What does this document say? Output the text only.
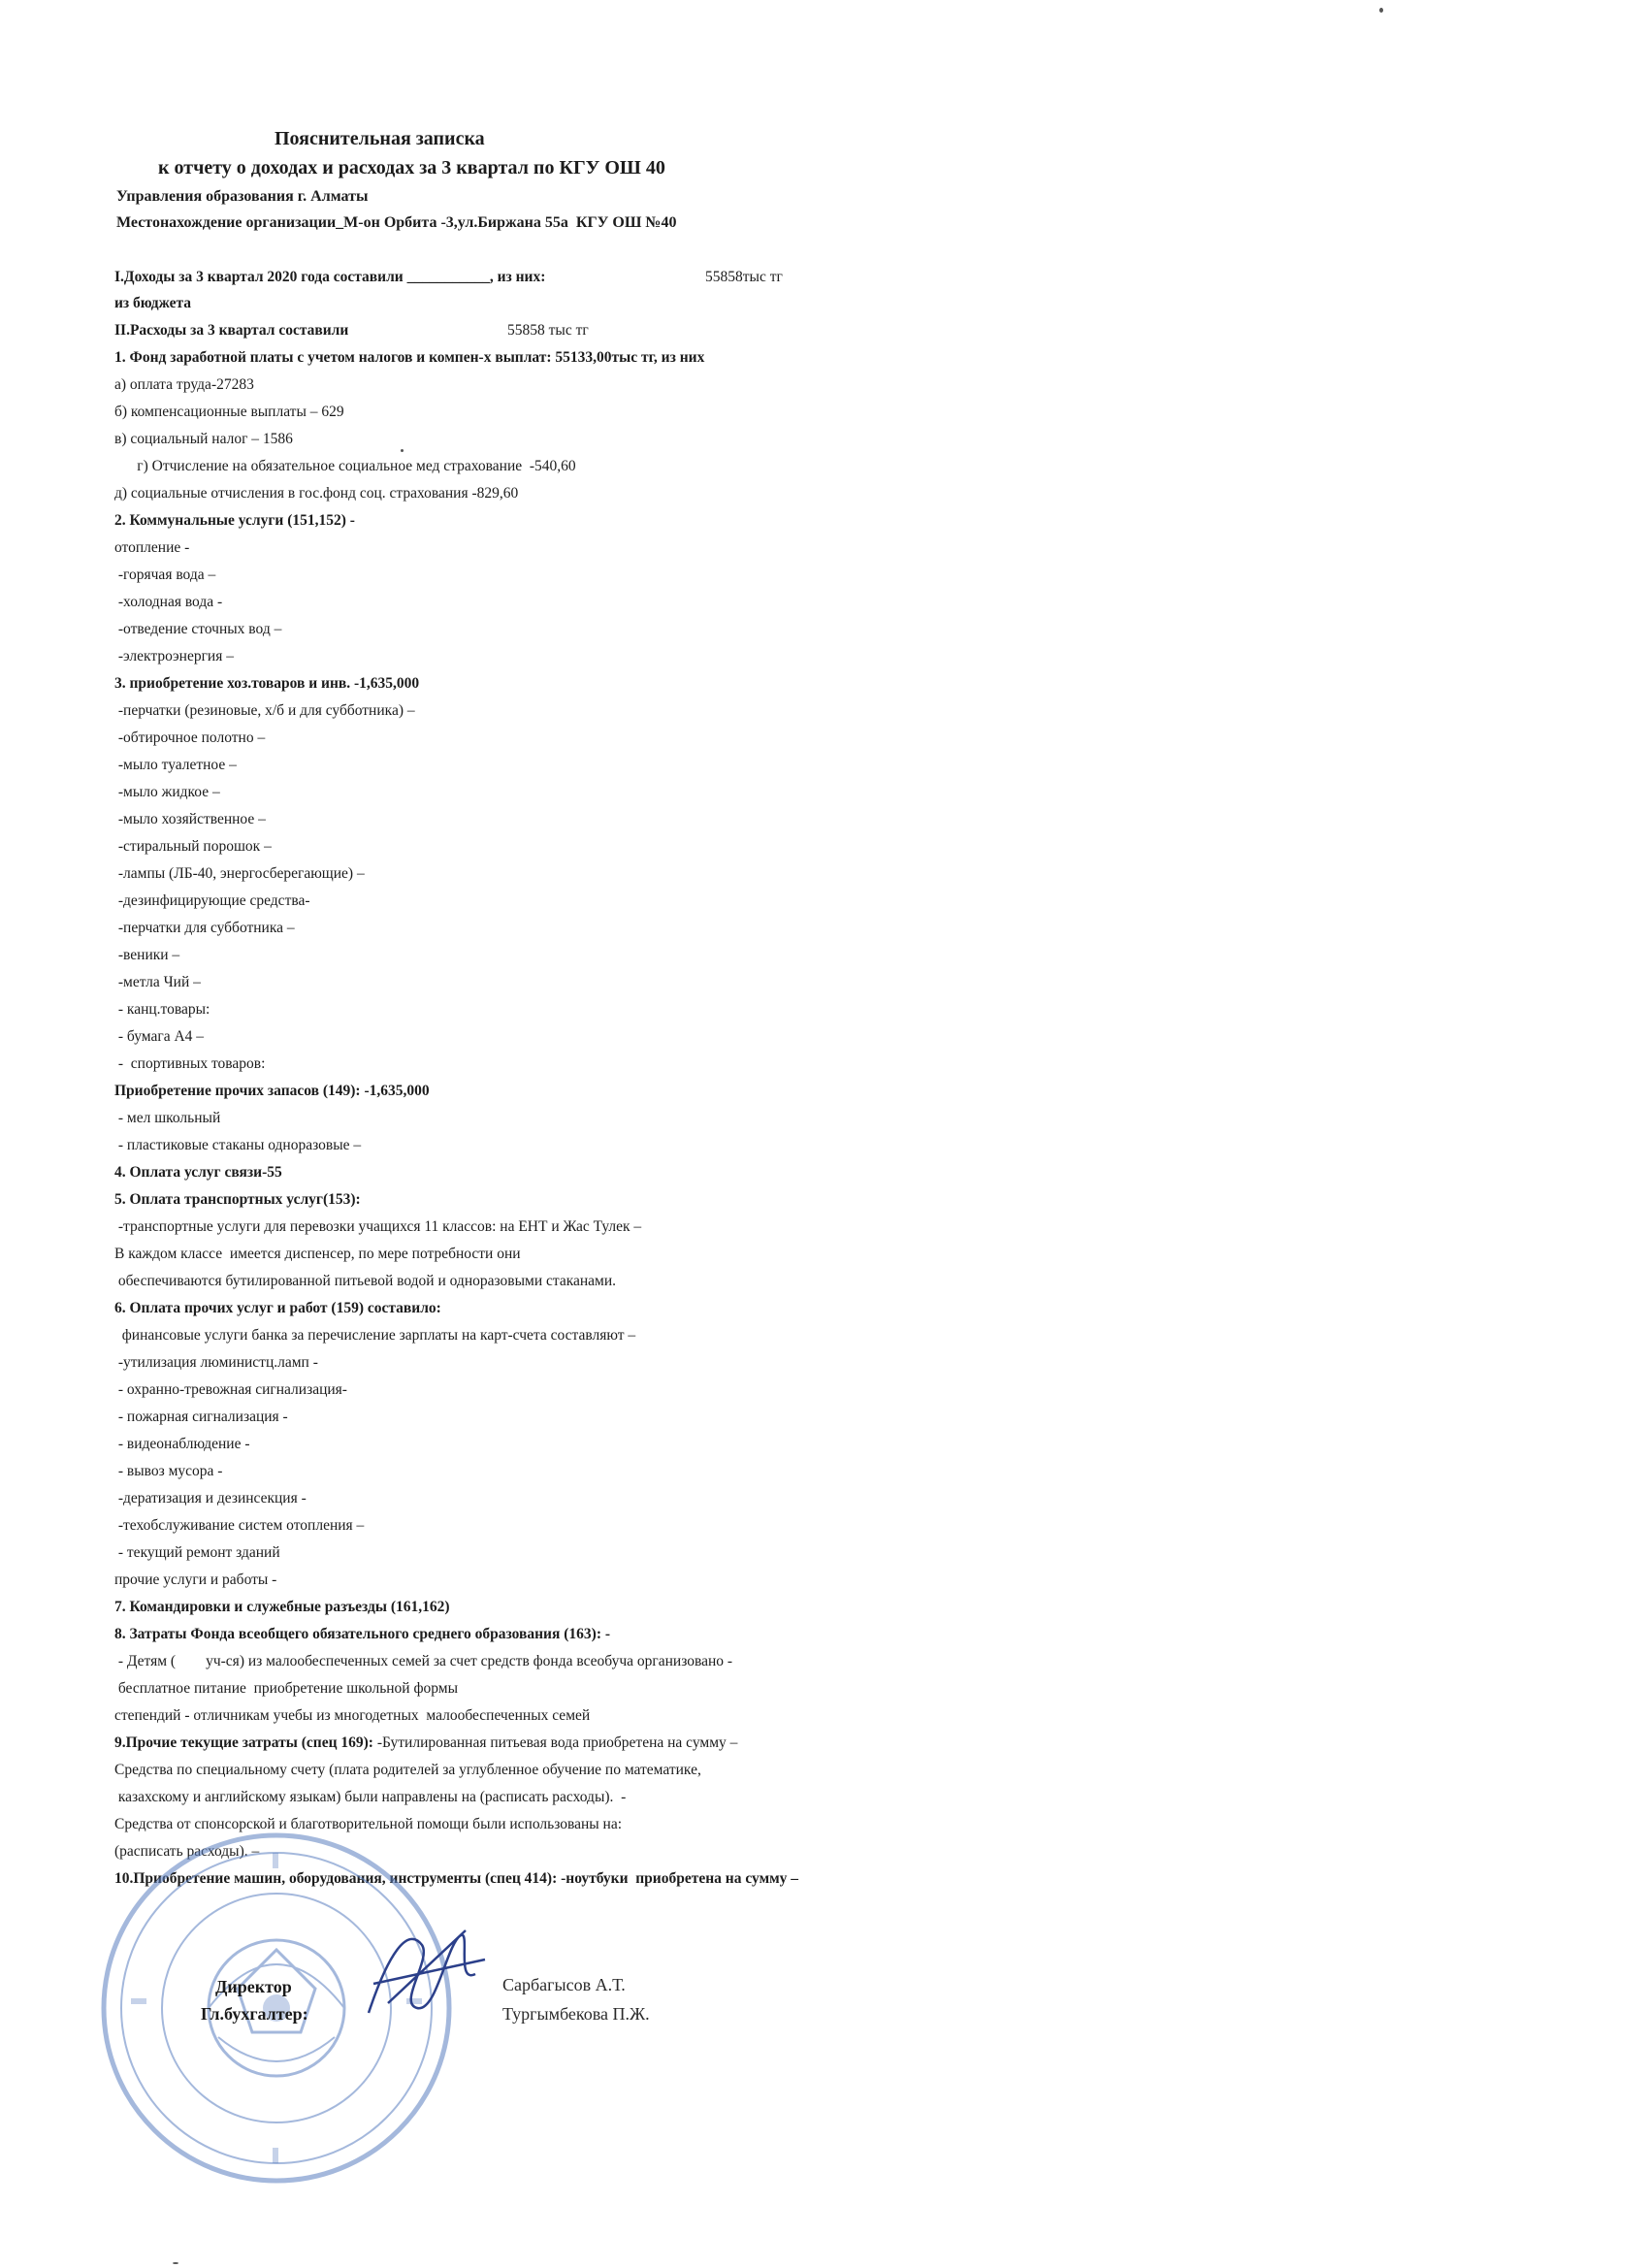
Пояснительная записка
к отчету о доходах и расходах за 3 квартал по КГУ ОШ 40
Управления образования г. Алматы
Местонахождение организации_М-он Орбита -3,ул.Биржана 55а  КГУ ОШ №40
I.Доходы за 3 квартал 2020 года составили ___________, из них:	55858тыс тг
из бюджета
II.Расходы за 3 квартал составили	55858 тыс тг
1. Фонд заработной платы с учетом налогов и компен-х выплат: 55133,00тыс тг, из них
а) оплата труда-27283
б) компенсационные выплаты – 629
в) социальный налог – 1586
г) Отчисление на обязательное социальное мед страхование  -540,60
д) социальные отчисления в гос.фонд соц. страхования -829,60
2. Коммунальные услуги (151,152) -
отопление -
-горячая вода –
-холодная вода -
-отведение сточных вод –
-электроэнергия –
3. приобретение хоз.товаров и инв. -1,635,000
-перчатки (резиновые, х/б и для субботника) –
-обтирочное полотно –
-мыло туалетное –
-мыло жидкое –
-мыло хозяйственное –
-стиральный порошок –
-лампы (ЛБ-40, энергосберегающие) –
-дезинфицирующие средства-
-перчатки для субботника –
-веники –
-метла Чий –
- канц.товары:
- бумага А4 –
-  спортивных товаров:
Приобретение прочих запасов (149): -1,635,000
- мел школьный
- пластиковые стаканы одноразовые –
4. Оплата услуг связи-55
5. Оплата транспортных услуг(153):
-транспортные услуги для перевозки учащихся 11 классов: на ЕНТ и Жас Тулек –
В каждом классе  имеется диспенсер, по мере потребности они
обеспечиваются бутилированной питьевой водой и одноразовыми стаканами.
6. Оплата прочих услуг и работ (159) составило:
финансовые услуги банка за перечисление зарплаты на карт-счета составляют –
-утилизация люминистц.ламп -
- охранно-тревожная сигнализация-
- пожарная сигнализация -
- видеонаблюдение -
- вывоз мусора -
-дератизация и дезинсекция -
-техобслуживание систем отопления –
- текущий ремонт зданий
прочие услуги и работы -
7. Командировки и служебные разъезды (161,162)
8. Затраты Фонда всеобщего обязательного среднего образования (163): -
- Детям (        уч-ся) из малообеспеченных семей за счет средств фонда всеобуча организовано -
бесплатное питание  приобретение школьной формы
степендий - отличникам учебы из многодетных  малообеспеченных семей
9.Прочие текущие затраты (спец 169): -Бутилированная питьевая вода приобретена на сумму –
Средства по специальному счету (плата родителей за углубленное обучение по математике,
казахскому и английскому языкам) были направлены на (расписать расходы).  -
Средства от спонсорской и благотворительной помощи были использованы на:
(расписать расходы). –
10.Приобретение машин, оборудования, инструменты (спец 414): -ноутбуки  приобретена на сумму –
Директор
Гл.бухгалтер:
Сарбагысов А.Т.
Тургымбекова П.Ж.
